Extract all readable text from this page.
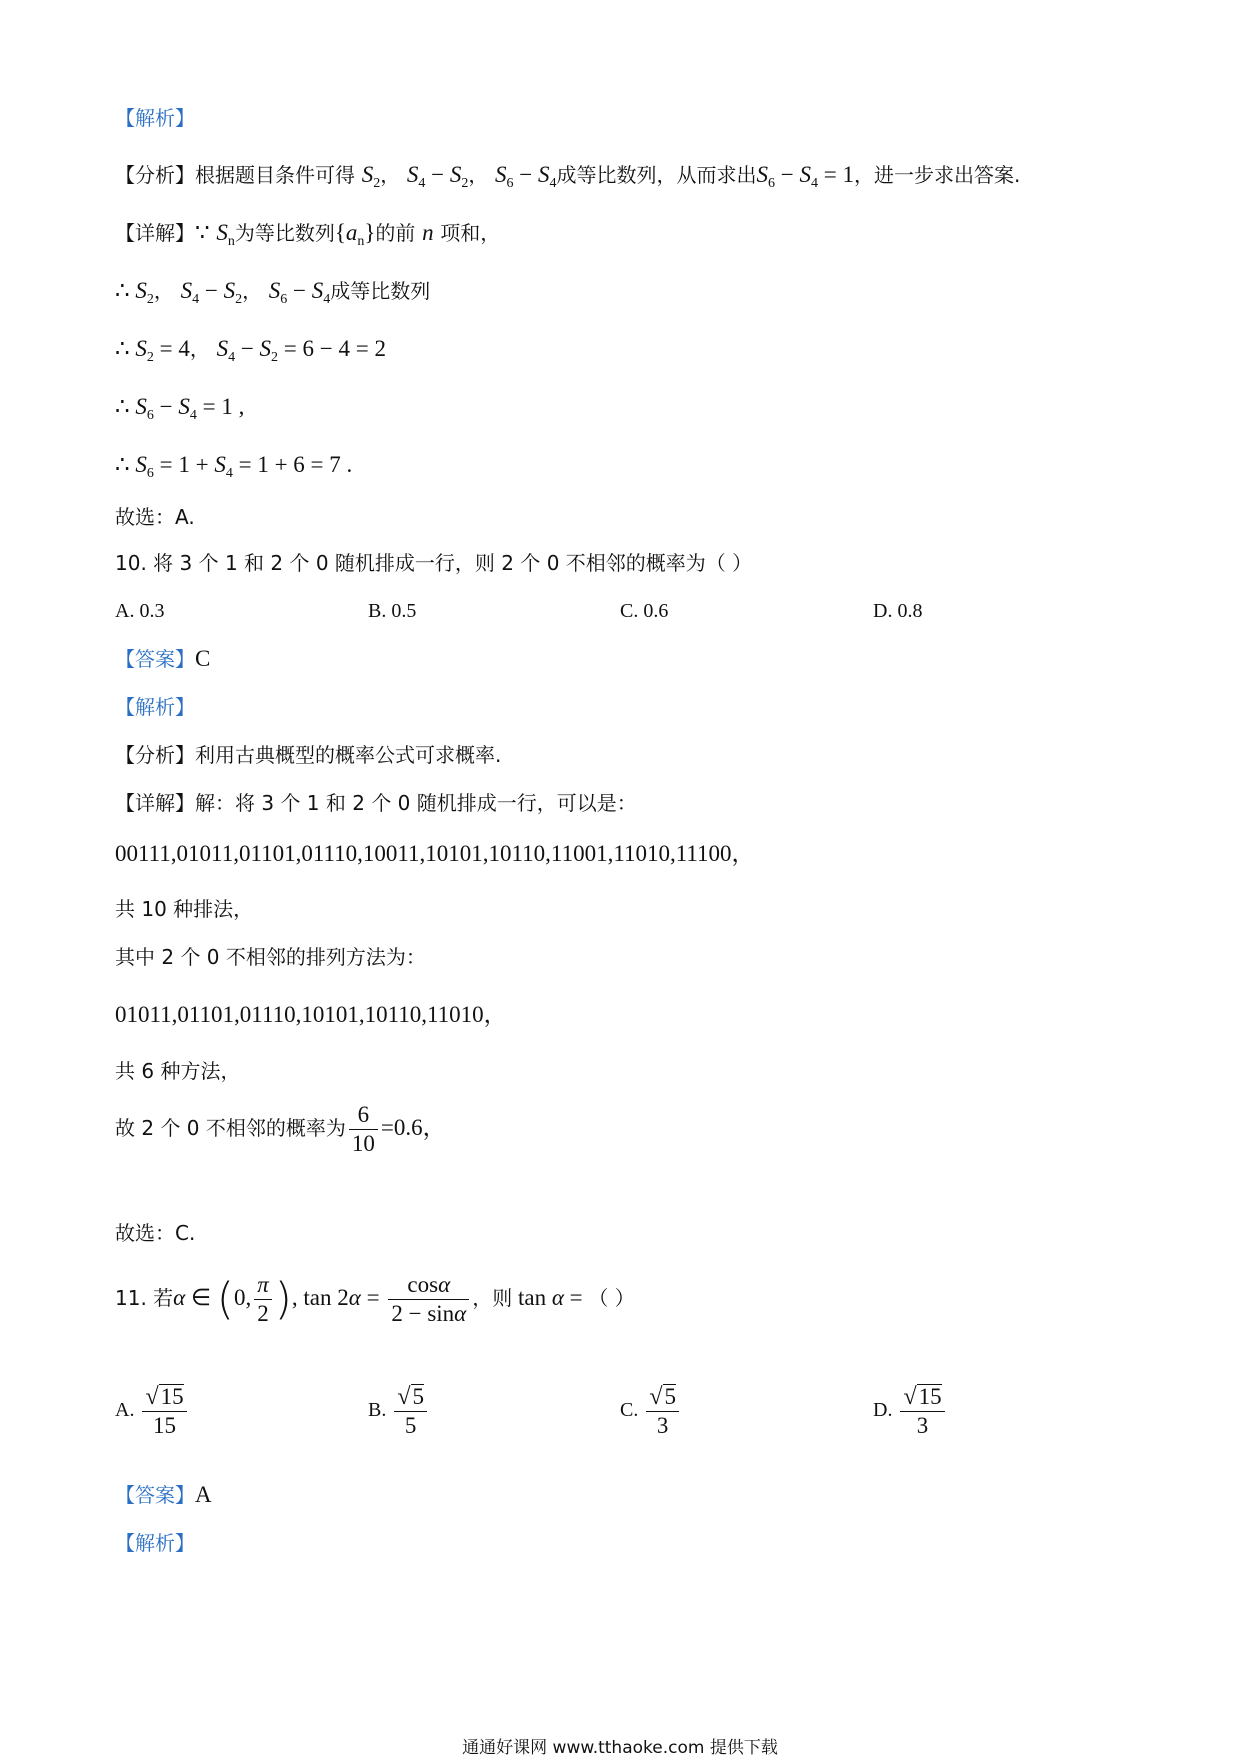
【解析】
【分析】根据题目条件可得 $S_2$， $S_4 - S_2$， $S_6 - S_4$成等比数列，从而求出$S_6 - S_4 = 1$，进一步求出答案.
【详解】∵ $S_n$为等比数列$\{a_n\}$的前 n 项和，
∴ $S_2$， $S_4 - S_2$， $S_6 - S_4$成等比数列
∴ $S_2 = 4$， $S_4 - S_2 = 6 - 4 = 2$
∴ $S_6 - S_4 = 1$ ,
∴ $S_6 = 1 + S_4 = 1 + 6 = 7$ .
故选：A.
10. 将 3 个 1 和 2 个 0 随机排成一行，则 2 个 0 不相邻的概率为（ ）
A. 0.3	B. 0.5	C. 0.6	D. 0.8
【答案】C
【解析】
【分析】利用古典概型的概率公式可求概率.
【详解】解：将 3 个 1 和 2 个 0 随机排成一行，可以是：
00111,01011,01101,01110,10011,10101,10110,11001,11010,11100，
共 10 种排法，
其中 2 个 0 不相邻的排列方法为：
01011,01101,01110,10101,10110,11010，
共 6 种方法，
故 2 个 0 不相邻的概率为 $\frac{6}{10} =0.6$，
故选：C.
11. 若α ∈ (0, $\frac{\pi}{2}$ ), $\tan 2\alpha = \frac{\cos\alpha}{2 - \sin\alpha}$ ，则 tan α = （ ）
A. $\frac{√15}{15}$	B. $\frac{√5}{5}$	C. $\frac{√5}{3}$	D. $\frac{√15}{3}$
【答案】A
【解析】
通通好课网 www.tthaoke.com 提供下载
